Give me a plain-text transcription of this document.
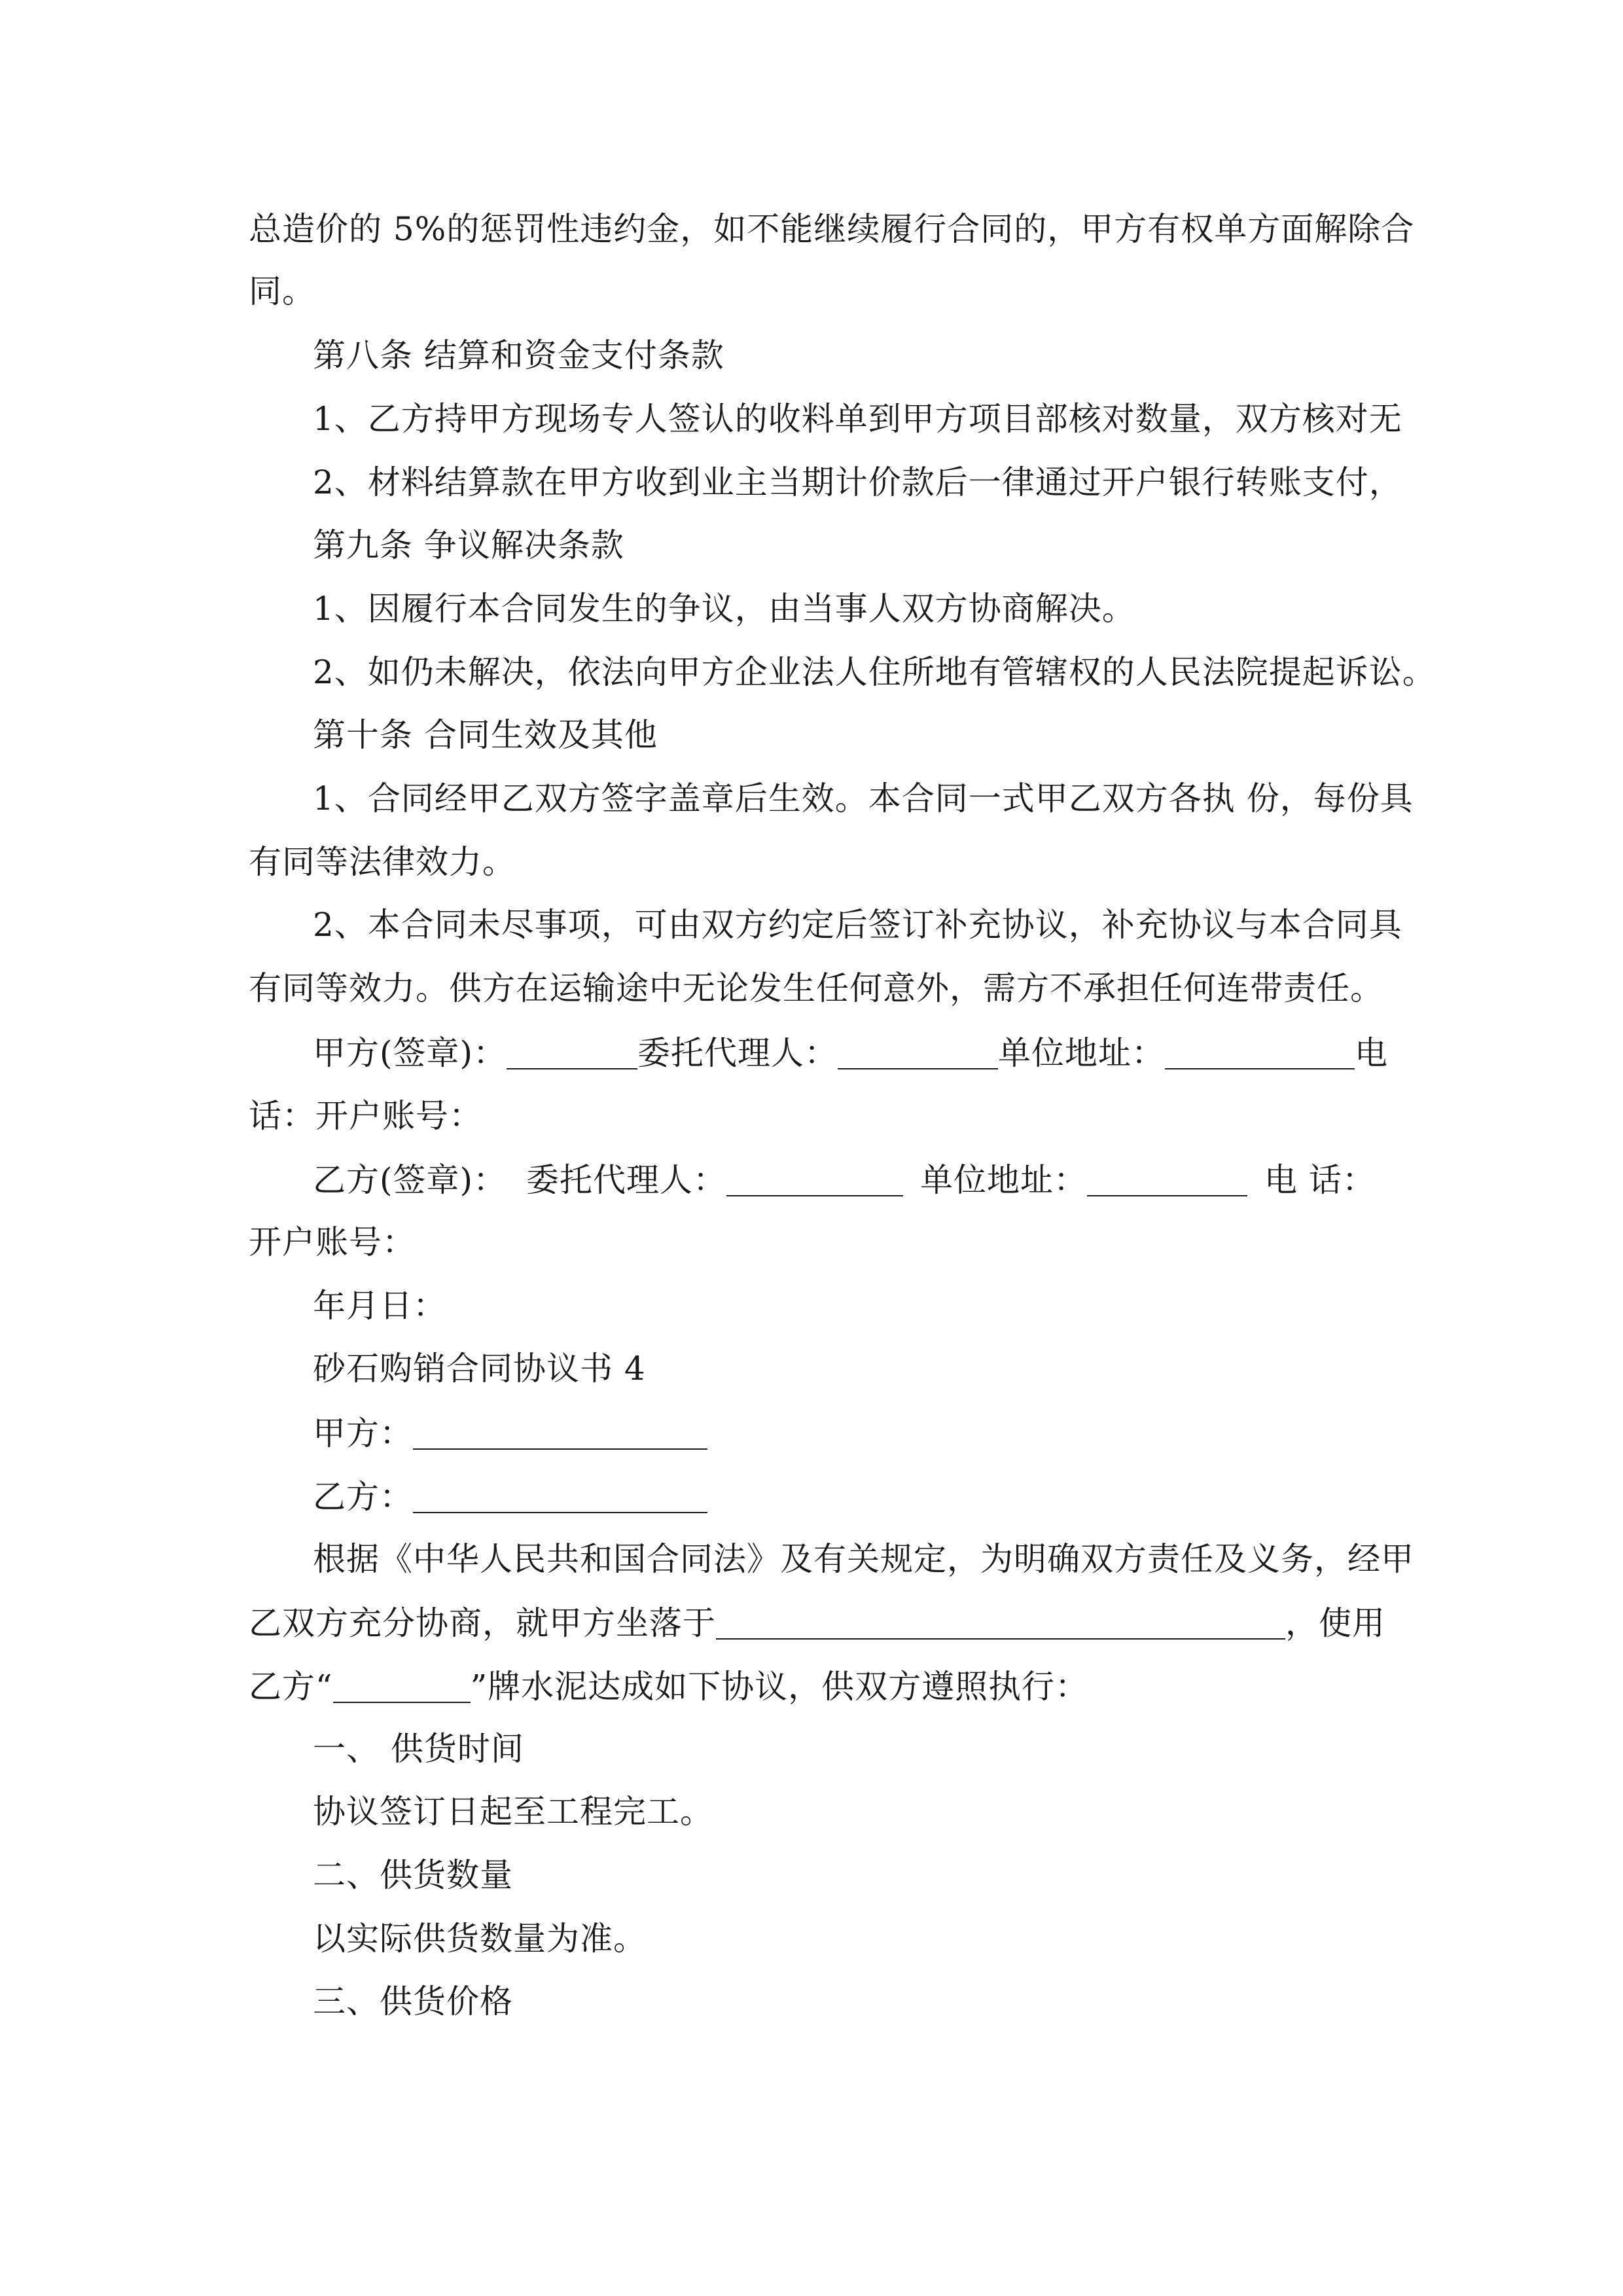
总造价的 5%的惩罚性违约金，如不能继续履行合同的，甲方有权单方面解除合
同。
第八条 结算和资金支付条款
1、乙方持甲方现场专人签认的收料单到甲方项目部核对数量，双方核对无
2、材料结算款在甲方收到业主当期计价款后一律通过开户银行转账支付，
第九条 争议解决条款
1、因履行本合同发生的争议，由当事人双方协商解决。
2、如仍未解决，依法向甲方企业法人住所地有管辖权的人民法院提起诉讼。
第十条 合同生效及其他
1、合同经甲乙双方签字盖章后生效。本合同一式甲乙双方各执 份，每份具
有同等法律效力。
2、本合同未尽事项，可由双方约定后签订补充协议，补充协议与本合同具
有同等效力。供方在运输途中无论发生任何意外，需方不承担任何连带责任。
甲方(签章)：	委托代理人：	单位地址：	电
话：开户账号：
乙方(签章)： 委托代理人：	单位地址：	电 话：
开户账号：
年月日：
砂石购销合同协议书 4
甲方：
乙方：
根据《中华人民共和国合同法》及有关规定，为明确双方责任及义务，经甲
乙双方充分协商，就甲方坐落于	，使用
乙方“	”牌水泥达成如下协议，供双方遵照执行：
一、 供货时间
协议签订日起至工程完工。
二、供货数量
以实际供货数量为准。
三、供货价格
